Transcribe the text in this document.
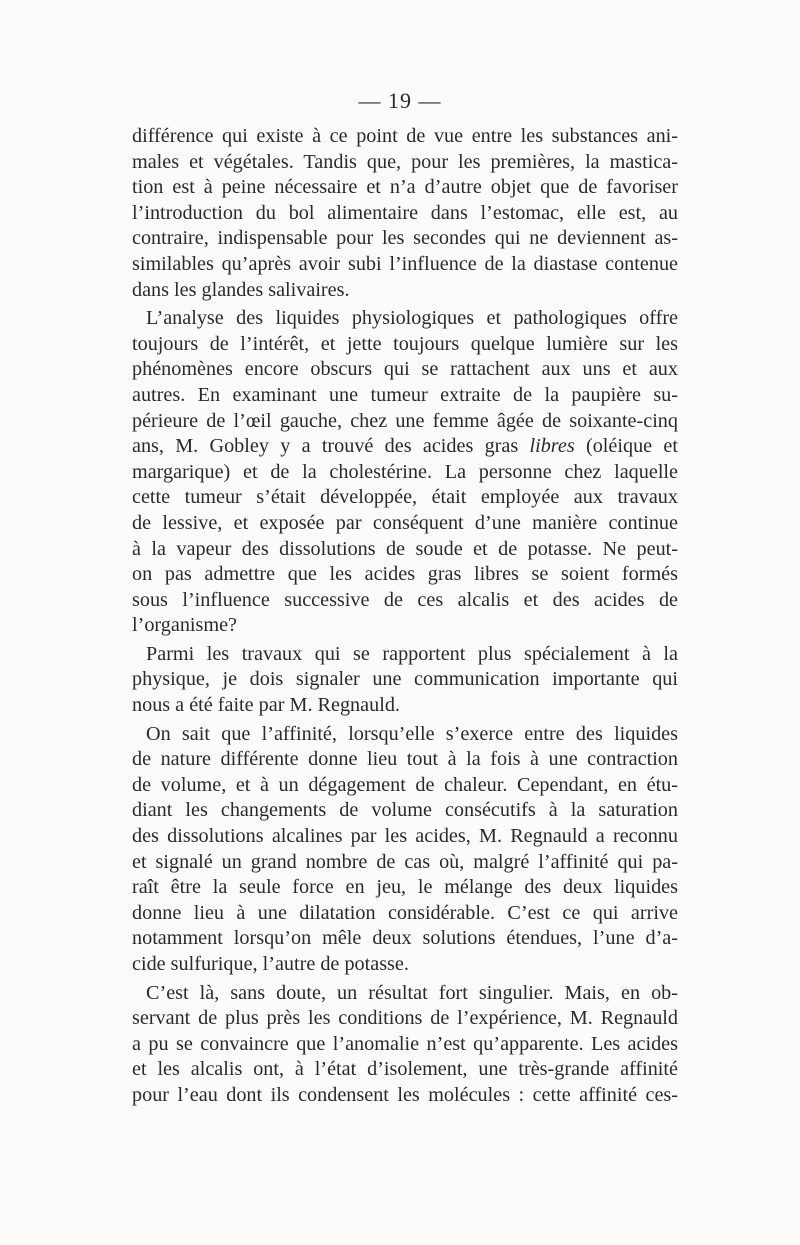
— 19 —
différence qui existe à ce point de vue entre les substances ani-
males et végétales. Tandis que, pour les premières, la mastica-
tion est à peine nécessaire et n’a d’autre objet que de favoriser
l’introduction du bol alimentaire dans l’estomac, elle est, au
contraire, indispensable pour les secondes qui ne deviennent as-
similables qu’après avoir subi l’influence de la diastase contenue
dans les glandes salivaires.
L’analyse des liquides physiologiques et pathologiques offre
toujours de l’intérêt, et jette toujours quelque lumière sur les
phénomènes encore obscurs qui se rattachent aux uns et aux
autres. En examinant une tumeur extraite de la paupière su-
périeure de l’œil gauche, chez une femme âgée de soixante-cinq
ans, M. Gobley y a trouvé des acides gras libres (oléique et
margarique) et de la cholestérine. La personne chez laquelle
cette tumeur s’était développée, était employée aux travaux
de lessive, et exposée par conséquent d’une manière continue
à la vapeur des dissolutions de soude et de potasse. Ne peut-
on pas admettre que les acides gras libres se soient formés
sous l’influence successive de ces alcalis et des acides de
l’organisme?
Parmi les travaux qui se rapportent plus spécialement à la
physique, je dois signaler une communication importante qui
nous a été faite par M. Regnauld.
On sait que l’affinité, lorsqu’elle s’exerce entre des liquides
de nature différente donne lieu tout à la fois à une contraction
de volume, et à un dégagement de chaleur. Cependant, en étu-
diant les changements de volume consécutifs à la saturation
des dissolutions alcalines par les acides, M. Regnauld a reconnu
et signalé un grand nombre de cas où, malgré l’affinité qui pa-
raît être la seule force en jeu, le mélange des deux liquides
donne lieu à une dilatation considérable. C’est ce qui arrive
notamment lorsqu’on mêle deux solutions étendues, l’une d’a-
cide sulfurique, l’autre de potasse.
C’est là, sans doute, un résultat fort singulier. Mais, en ob-
servant de plus près les conditions de l’expérience, M. Regnauld
a pu se convaincre que l’anomalie n’est qu’apparente. Les acides
et les alcalis ont, à l’état d’isolement, une très-grande affinité
pour l’eau dont ils condensent les molécules : cette affinité ces-
